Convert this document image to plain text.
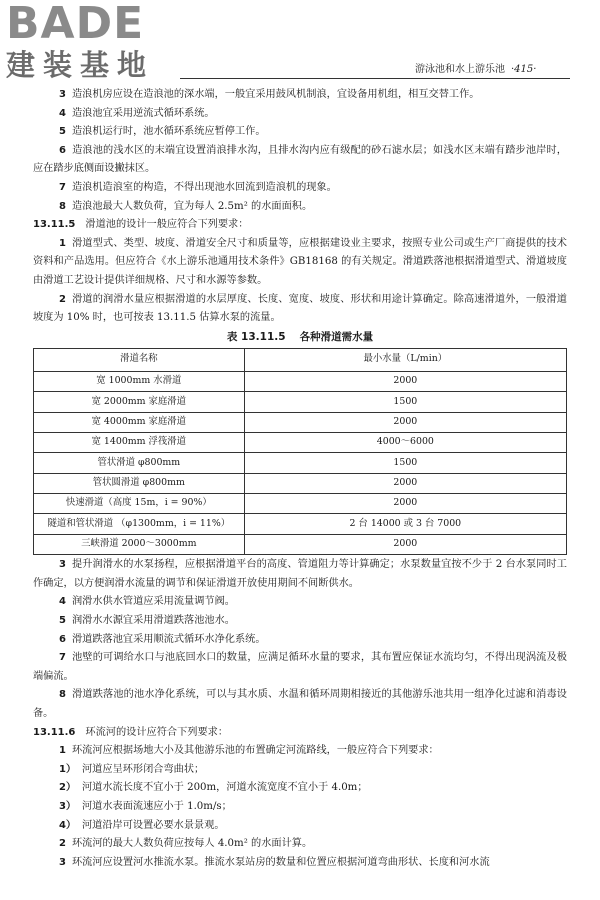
BADE
建装基地	游泳池和水上游乐池 ·415·

3 造浪机房应设在造浪池的深水端，一般宜采用鼓风机制浪，宜设备用机组，相互交替工作。

4 造浪池宜采用逆流式循环系统。

5 造浪机运行时，池水循环系统应暂停工作。

6 造浪池的浅水区的末端宜设置消浪排水沟，且排水沟内应有级配的砂石滤水层；如浅水区末端有踏步池岸时，应在踏步底侧面设撇抹区。

7 造浪机造浪室的构造，不得出现池水回流到造浪机的现象。

8 造浪池最大人数负荷，宜为每人 2.5m² 的水面面积。

13.11.5 滑道池的设计一般应符合下列要求：

1 滑道型式、类型、坡度、滑道安全尺寸和质量等，应根据建设业主要求，按照专业公司或生产厂商提供的技术资料和产品选用。但应符合《水上游乐池通用技术条件》GB18168 的有关规定。滑道跌落池根据滑道型式、滑道坡度由滑道工艺设计提供详细规格、尺寸和水源等参数。

2 滑道的润滑水量应根据滑道的水层厚度、长度、宽度、坡度、形状和用途计算确定。除高速滑道外，一般滑道坡度为 10% 时，也可按表 13.11.5 估算水泵的流量。

表 13.11.5 各种滑道需水量
滑道名称	最小水量（L/min）
宽 1000mm 水滑道	2000
宽 2000mm 家庭滑道	1500
宽 4000mm 家庭滑道	2000
宽 1400mm 浮筏滑道	4000～6000
管状滑道 φ800mm	1500
管状圆滑道 φ800mm	2000
快速滑道（高度 15m，i = 90%）	2000
隧道和管状滑道 （φ1300mm，i = 11%）	2 台 14000 或 3 台 7000
三峡滑道 2000～3000mm	2000

3 提升润滑水的水泵扬程，应根据滑道平台的高度、管道阻力等计算确定；水泵数量宜按不少于 2 台水泵同时工作确定，以方便润滑水流量的调节和保证滑道开放使用期间不间断供水。

4 润滑水供水管道应采用流量调节阀。

5 润滑水水源宜采用滑道跌落池池水。

6 滑道跌落池宜采用顺流式循环水净化系统。

7 池壁的可调给水口与池底回水口的数量，应满足循环水量的要求，其布置应保证水流均匀，不得出现涡流及极端偏流。

8 滑道跌落池的池水净化系统，可以与其水质、水温和循环周期相接近的其他游乐池共用一组净化过滤和消毒设备。

13.11.6 环流河的设计应符合下列要求：

1 环流河应根据场地大小及其他游乐池的布置确定河流路线，一般应符合下列要求：

1） 河道应呈环形闭合弯曲状；

2） 河道水流长度不宜小于 200m，河道水流宽度不宜小于 4.0m；

3） 河道水表面流速应小于 1.0m/s；

4） 河道沿岸可设置必要水景景观。

2 环流河的最大人数负荷应按每人 4.0m² 的水面计算。

3 环流河应设置河水推流水泵。推流水泵站房的数量和位置应根据河道弯曲形状、长度和河水流
